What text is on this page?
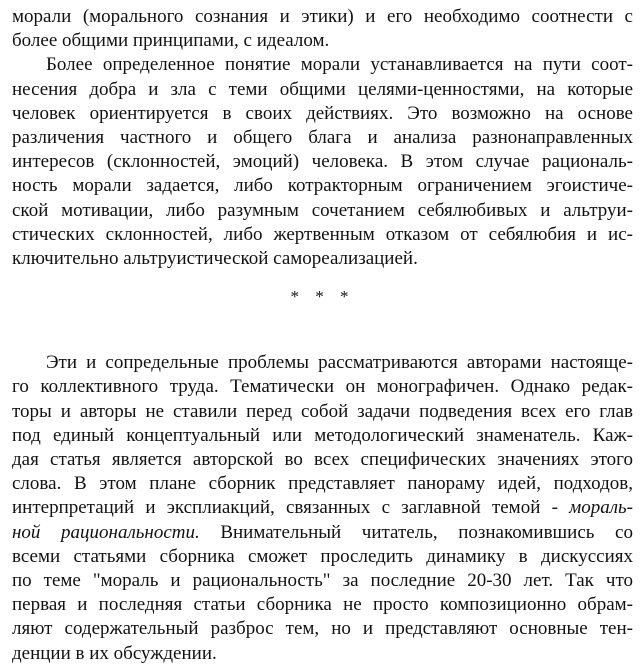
морали (морального сознания и этики) и его необходимо соотнести с
более общими принципами, с идеалом.

Более определенное понятие морали устанавливается на пути соот-
несения добра и зла с теми общими целями-ценностями, на которые
человек ориентируется в своих действиях. Это возможно на основе
различения частного и общего блага и анализа разнонаправленных
интересов (склонностей, эмоций) человека. В этом случае рациональ-
ность морали задается, либо котракторным ограничением эгоистиче-
ской мотивации, либо разумным сочетанием себялюбивых и альтруи-
стических склонностей, либо жертвенным отказом от себялюбия и ис-
ключительно альтруистической самореализацией.

* * *

Эти и сопредельные проблемы рассматриваются авторами настояще-
го коллективного труда. Тематически он монографичен. Однако редак-
торы и авторы не ставили перед собой задачи подведения всех его глав
под единый концептуальный или методологический знаменатель. Каж-
дая статья является авторской во всех специфических значениях этого
слова. В этом плане сборник представляет панораму идей, подходов,
интерпретаций и эксплиакций, связанных с заглавной темой - мораль-
ной рациональности. Внимательный читатель, познакомившись со
всеми статьями сборника сможет проследить динамику в дискуссиях
по теме "мораль и рациональность" за последние 20-30 лет. Так что
первая и последняя статьи сборника не просто композиционно обрам-
ляют содержательный разброс тем, но и представляют основные тен-
денции в их обсуждении.
